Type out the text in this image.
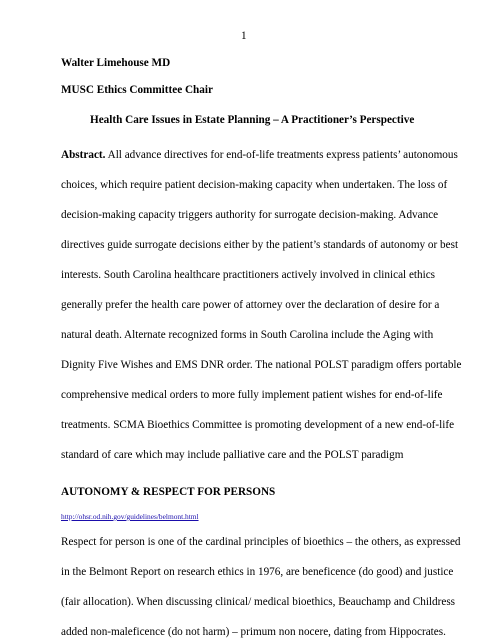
1
Walter Limehouse MD
MUSC Ethics Committee Chair
Health Care Issues in Estate Planning – A Practitioner’s Perspective
Abstract. All advance directives for end-of-life treatments express patients’ autonomous
choices, which require patient decision-making capacity when undertaken. The loss of
decision-making capacity triggers authority for surrogate decision-making. Advance
directives guide surrogate decisions either by the patient’s standards of autonomy or best
interests. South Carolina healthcare practitioners actively involved in clinical ethics
generally prefer the health care power of attorney over the declaration of desire for a
natural death. Alternate recognized forms in South Carolina include the Aging with
Dignity Five Wishes and EMS DNR order. The national POLST paradigm offers portable
comprehensive medical orders to more fully implement patient wishes for end-of-life
treatments. SCMA Bioethics Committee is promoting development of a new end-of-life
standard of care which may include palliative care and the POLST paradigm
AUTONOMY & RESPECT FOR PERSONS
http://ohsr.od.nih.gov/guidelines/belmont.html
Respect for person is one of the cardinal principles of bioethics – the others, as expressed
in the Belmont Report on research ethics in 1976, are beneficence (do good) and justice
(fair allocation). When discussing clinical/ medical bioethics, Beauchamp and Childress
added non-maleficence (do not harm) – primum non nocere, dating from Hippocrates.
